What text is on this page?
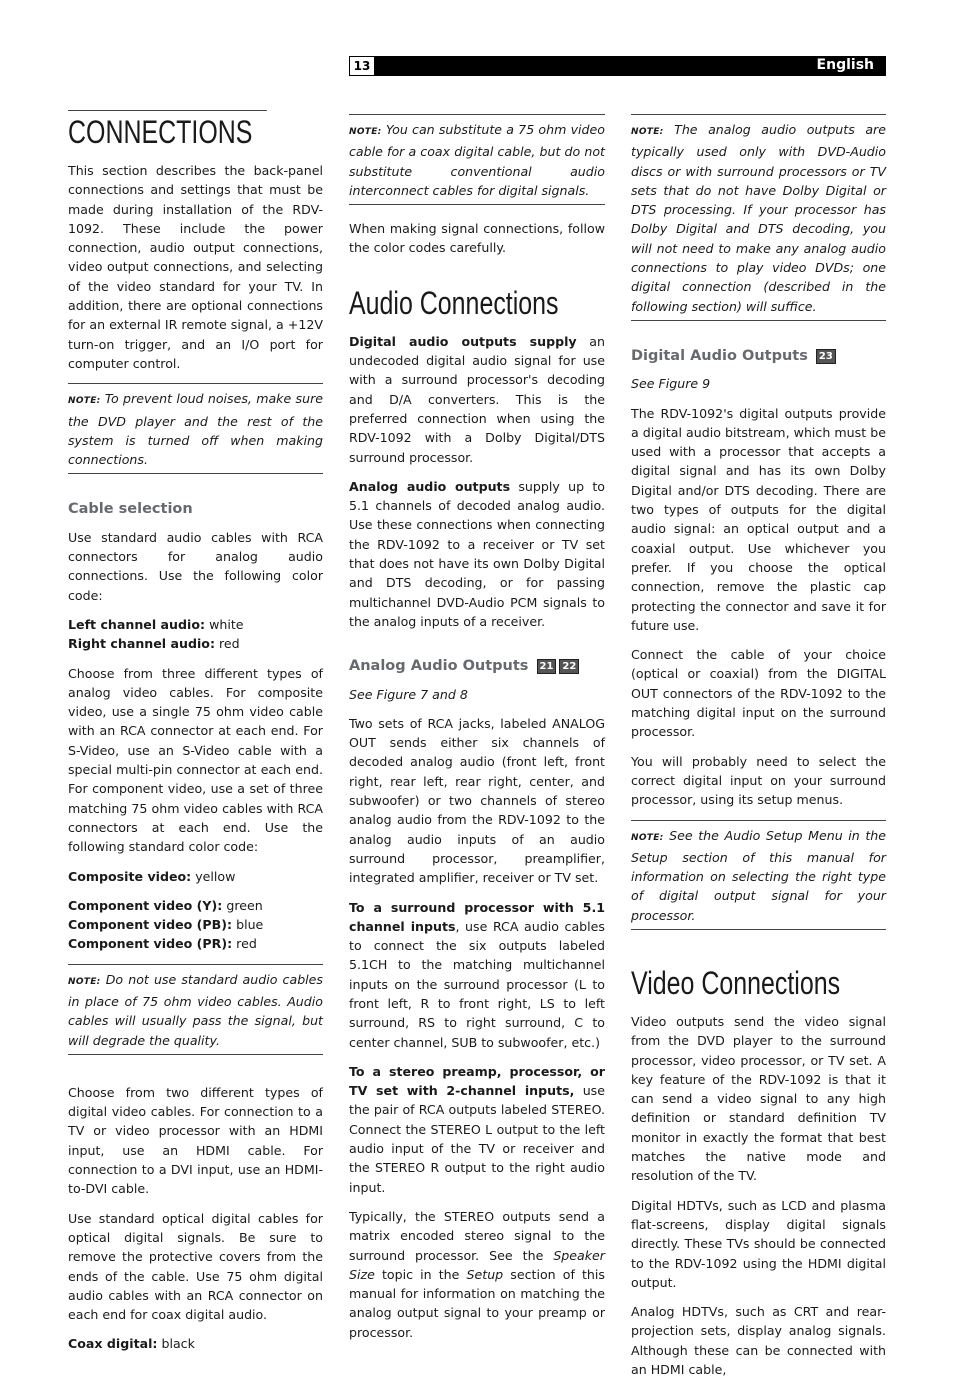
13	English
CONNECTIONS

This section describes the back-panel connections and settings that must be made during installation of the RDV-1092. These include the power connection, audio output connections, video output connections, and selecting of the video standard for your TV. In addition, there are optional connections for an external IR remote signal, a +12V turn-on trigger, and an I/O port for computer control.

NOTE: To prevent loud noises, make sure the DVD player and the rest of the system is turned off when making connections.
Cable selection

Use standard audio cables with RCA connectors for analog audio connections. Use the following color code:

Left channel audio: white

Right channel audio: red

Choose from three different types of analog video cables. For composite video, use a single 75 ohm video cable with an RCA connector at each end. For S-Video, use an S-Video cable with a special multi-pin connector at each end. For component video, use a set of three matching 75 ohm video cables with RCA connectors at each end. Use the following standard color code:

Composite video: yellow

Component video (Y): green

Component video (PB): blue

Component video (PR): red

NOTE: Do not use standard audio cables in place of 75 ohm video cables. Audio cables will usually pass the signal, but will degrade the quality.

Choose from two different types of digital video cables. For connection to a TV or video processor with an HDMI input, use an HDMI cable. For connection to a DVI input, use an HDMI-to-DVI cable.

Use standard optical digital cables for optical digital signals. Be sure to remove the protective covers from the ends of the cable. Use 75 ohm digital audio cables with an RCA connector on each end for coax digital audio.

Coax digital: black

NOTE: You can substitute a 75 ohm video cable for a coax digital cable, but do not substitute conventional audio interconnect cables for digital signals.

When making signal connections, follow the color codes carefully.

Audio Connections

Digital audio outputs supply an undecoded digital audio signal for use with a surround processor's decoding and D/A converters. This is the preferred connection when using the RDV-1092 with a Dolby Digital/DTS surround processor.

Analog audio outputs supply up to 5.1 channels of decoded analog audio. Use these connections when connecting the RDV-1092 to a receiver or TV set that does not have its own Dolby Digital and DTS decoding, or for passing multichannel DVD-Audio PCM signals to the analog inputs of a receiver.

Analog Audio Outputs 21 22

See Figure 7 and 8

Two sets of RCA jacks, labeled ANALOG OUT sends either six channels of decoded analog audio (front left, front right, rear left, rear right, center, and subwoofer) or two channels of stereo analog audio from the RDV-1092 to the analog audio inputs of an audio surround processor, preamplifier, integrated amplifier, receiver or TV set.

To a surround processor with 5.1 channel inputs, use RCA audio cables to connect the six outputs labeled 5.1CH to the matching multichannel inputs on the surround processor (L to front left, R to front right, LS to left surround, RS to right surround, C to center channel, SUB to subwoofer, etc.)

To a stereo preamp, processor, or TV set with 2-channel inputs, use the pair of RCA outputs labeled STEREO. Connect the STEREO L output to the left audio input of the TV or receiver and the STEREO R output to the right audio input.

Typically, the STEREO outputs send a matrix encoded stereo signal to the surround processor. See the Speaker Size topic in the Setup section of this manual for information on matching the analog output signal to your preamp or processor.

NOTE: The analog audio outputs are typically used only with DVD-Audio discs or with surround processors or TV sets that do not have Dolby Digital or DTS processing. If your processor has Dolby Digital and DTS decoding, you will not need to make any analog audio connections to play video DVDs; one digital connection (described in the following section) will suffice.
Digital Audio Outputs 23

See Figure 9

The RDV-1092's digital outputs provide a digital audio bitstream, which must be used with a processor that accepts a digital signal and has its own Dolby Digital and/or DTS decoding. There are two types of outputs for the digital audio signal: an optical output and a coaxial output. Use whichever you prefer. If you choose the optical connection, remove the plastic cap protecting the connector and save it for future use.

Connect the cable of your choice (optical or coaxial) from the DIGITAL OUT connectors of the RDV-1092 to the matching digital input on the surround processor.

You will probably need to select the correct digital input on your surround processor, using its setup menus.

NOTE: See the Audio Setup Menu in the Setup section of this manual for information on selecting the right type of digital output signal for your processor.
Video Connections

Video outputs send the video signal from the DVD player to the surround processor, video processor, or TV set. A key feature of the RDV-1092 is that it can send a video signal to any high definition or standard definition TV monitor in exactly the format that best matches the native mode and resolution of the TV.

Digital HDTVs, such as LCD and plasma flat-screens, display digital signals directly. These TVs should be connected to the RDV-1092 using the HDMI digital output.

Analog HDTVs, such as CRT and rear-projection sets, display analog signals. Although these can be connected with an HDMI cable,
